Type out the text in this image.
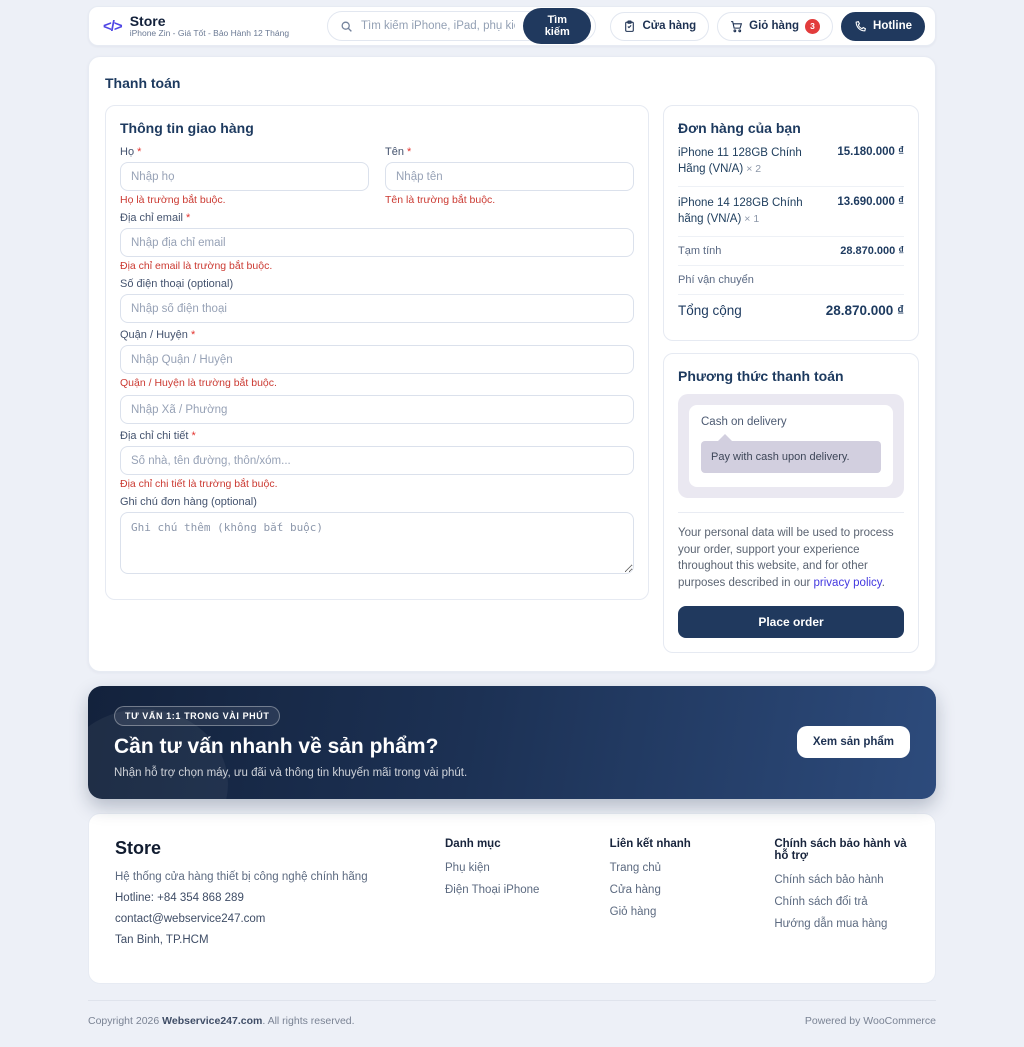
</> Store
iPhone Zin - Giá Tốt - Bảo Hành 12 Tháng
Tìm kiếm iPhone, iPad, phụ kiện...
Tìm kiếm	Cửa hàng	Giỏ hàng	3	Hotline
Thanh toán
Thông tin giao hàng
Họ *
Nhập họ
Họ là trường bắt buộc.
Tên *
Nhập tên
Tên là trường bắt buộc.
Địa chỉ email *
Nhập địa chỉ email
Địa chỉ email là trường bắt buộc.
Số điện thoại (optional)
Nhập số điện thoại
Quận / Huyện *
Nhập Quận / Huyện
Quận / Huyện là trường bắt buộc.
Nhập Xã / Phường
Địa chỉ chi tiết *
Số nhà, tên đường, thôn/xóm...
Địa chỉ chi tiết là trường bắt buộc.
Ghi chú đơn hàng (optional)
Ghi chú thêm (không bắt buộc)
Đơn hàng của bạn
iPhone 11 128GB Chính Hãng (VN/A) × 2
15.180.000 ₫
iPhone 14 128GB Chính hãng (VN/A) × 1
13.690.000 ₫
Tạm tính	28.870.000 ₫
Phí vận chuyển
Tổng cộng	28.870.000 ₫
Phương thức thanh toán
Cash on delivery
Pay with cash upon delivery.

Your personal data will be used to process your order, support your experience throughout this website, and for other purposes described in our privacy policy.

Place order
TƯ VẤN 1:1 TRONG VÀI PHÚT
Cần tư vấn nhanh về sản phẩm?

Nhận hỗ trợ chọn máy, ưu đãi và thông tin khuyến mãi trong vài phút.

Xem sản phẩm
Store

Hệ thống cửa hàng thiết bị công nghệ chính hãng

Hotline: +84 354 868 289

contact@webservice247.com

Tan Binh, TP.HCM

Danh mục
Phụ kiện
Điện Thoại iPhone
Liên kết nhanh
Trang chủ
Cửa hàng
Giỏ hàng
Chính sách bảo hành và hỗ trợ
Chính sách bảo hành
Chính sách đổi trả
Hướng dẫn mua hàng
Copyright 2026 Webservice247.com. All rights reserved.	Powered by WooCommerce
